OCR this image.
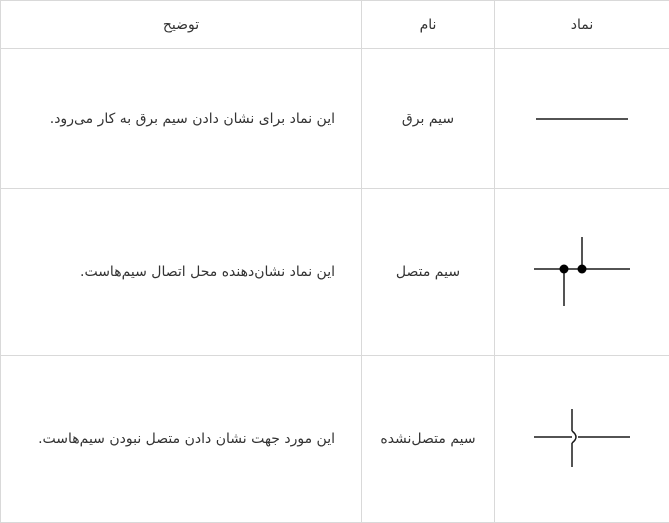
نماد	نام	توضیح

	سیم برق	این نماد برای نشان دادن سیم برق به کار می‌رود.

	سیم متصل	این نماد نشان‌دهنده محل اتصال سیم‌هاست.

	سیم متصل‌نشده	این مورد جهت نشان دادن متصل نبودن سیم‌هاست.
